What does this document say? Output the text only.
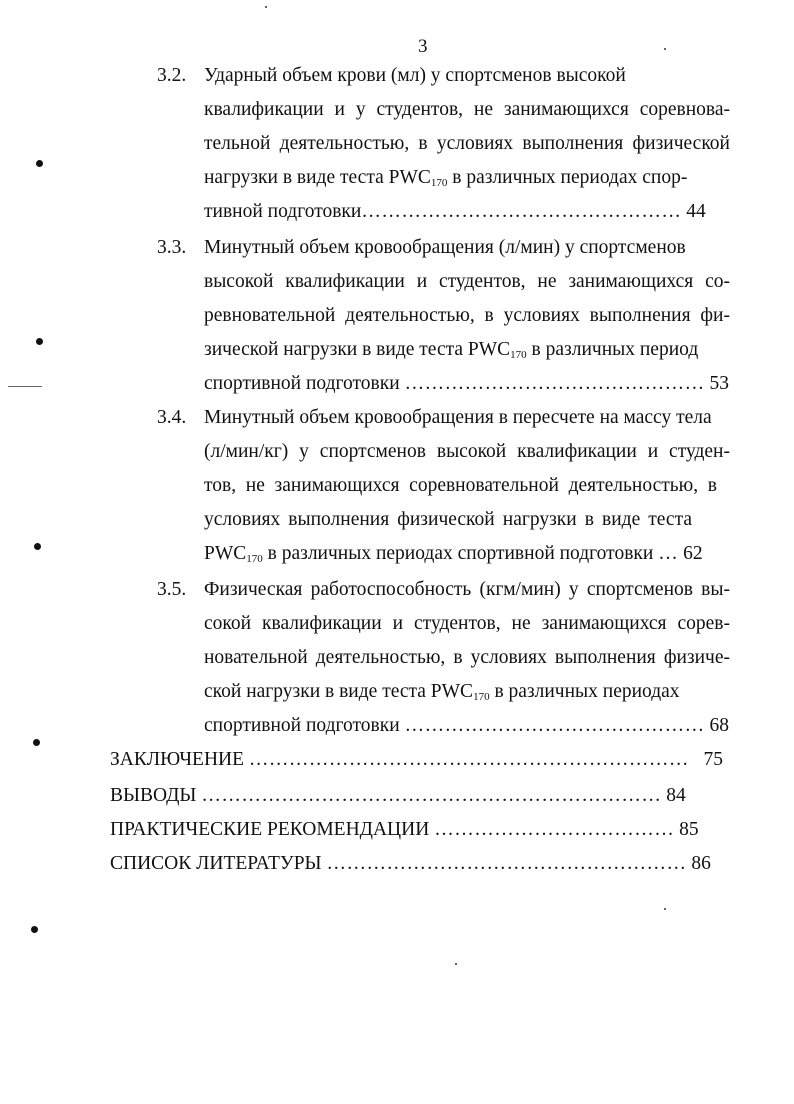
3
3.2. Ударный объем крови (мл) у спортсменов высокой
квалификации и у студентов, не занимающихся соревнова-
тельной деятельностью, в условиях выполнения физической
нагрузки в виде теста $PWC_{170}$ в различных периодах спор-
тивной подготовки………………………………………… 44
3.3. Минутный объем кровообращения (л/мин) у спортсменов
высокой квалификации и студентов, не занимающихся со-
ревновательной деятельностью, в условиях выполнения фи-
зической нагрузки в виде теста $PWC_{170}$ в различных период
спортивной подготовки ……………………………………… 53
3.4. Минутный объем кровообращения в пересчете на массу тела
(л/мин/кг) у спортсменов высокой квалификации и студен-
тов, не занимающихся соревновательной деятельностью, в
условиях выполнения физической нагрузки в виде теста
$PWC_{170}$ в различных периодах спортивной подготовки … 62
3.5. Физическая работоспособность (кгм/мин) у спортсменов вы-
сокой квалификации и студентов, не занимающихся сорев-
новательной деятельностью, в условиях выполнения физиче-
ской нагрузки в виде теста $PWC_{170}$ в различных периодах
спортивной подготовки ……………………………………… 68
ЗАКЛЮЧЕНИЕ ………………………………………………………… 75
ВЫВОДЫ …………………………………………………………… 84
ПРАКТИЧЕСКИЕ РЕКОМЕНДАЦИИ ……………………………… 85
СПИСОК ЛИТЕРАТУРЫ ……………………………………………… 86
